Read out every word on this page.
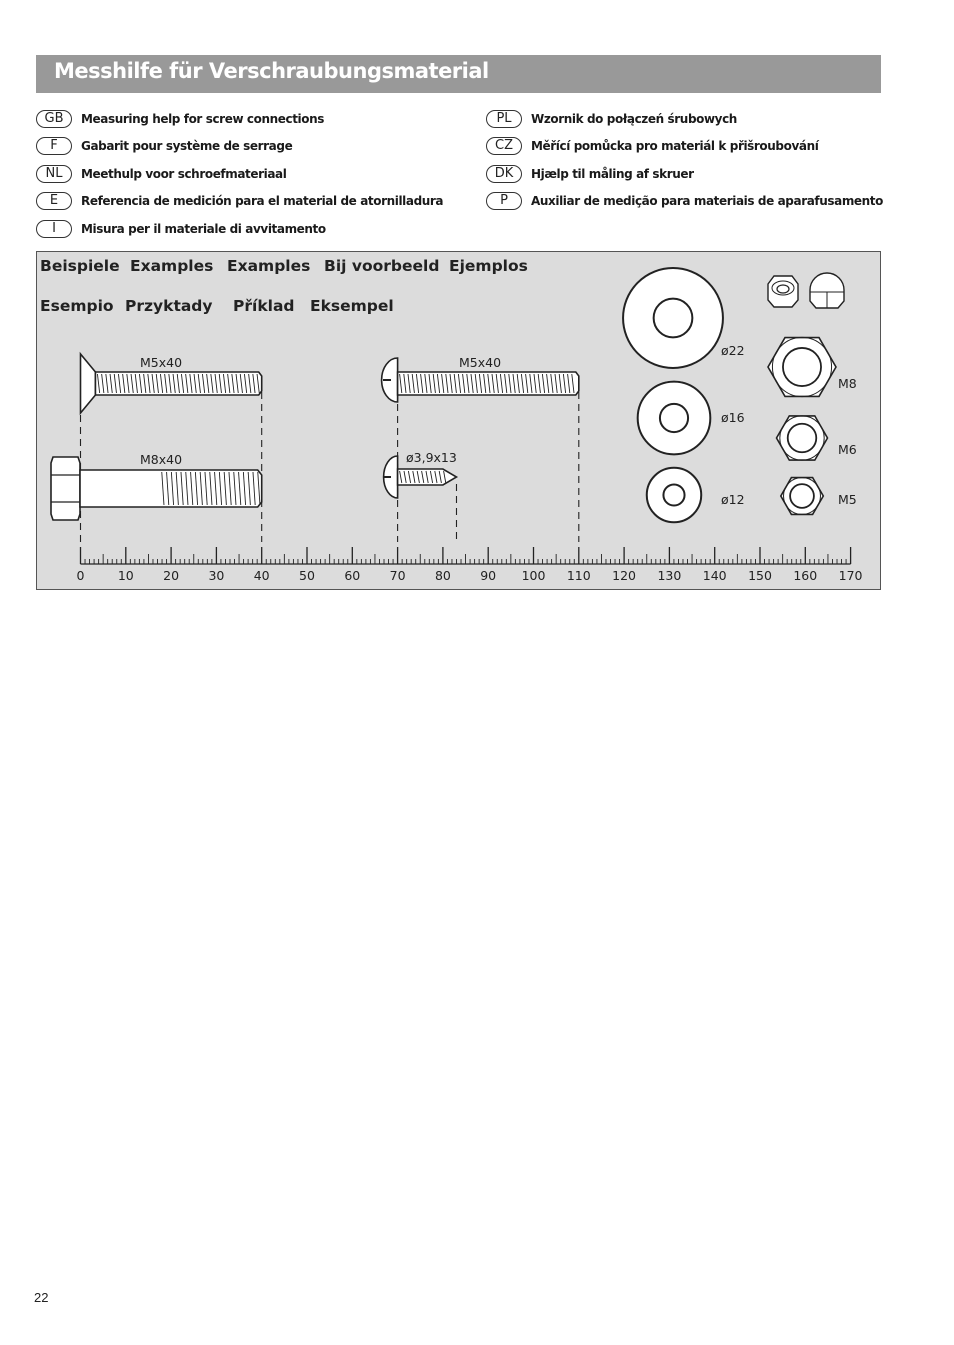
Messhilfe für Verschraubungsmaterial
GB	Measuring help for screw connections
F	Gabarit pour système de serrage
NL	Meethulp voor schroefmateriaal
E	Referencia de medición para el material de atornilladura
I	Misura per il materiale di avvitamento
PL	Wzornik do połączeń śrubowych
CZ	Měřící pomůcka pro materiál k přišroubování
DK	Hjælp til måling af skruer
P	Auxiliar de medição para materiais de aparafusamento
Beispiele Examples Examples Bij voorbeeld Ejemplos
Esempio Przyktady Příklad Eksempel
M5x40	M5x40
M8x40	ø3,9x13
ø22
ø16
ø12
M8
M6
M5
0	10 20 30 40 50 60 70 80 90 100 110 120 130 140 150 160 170
22
